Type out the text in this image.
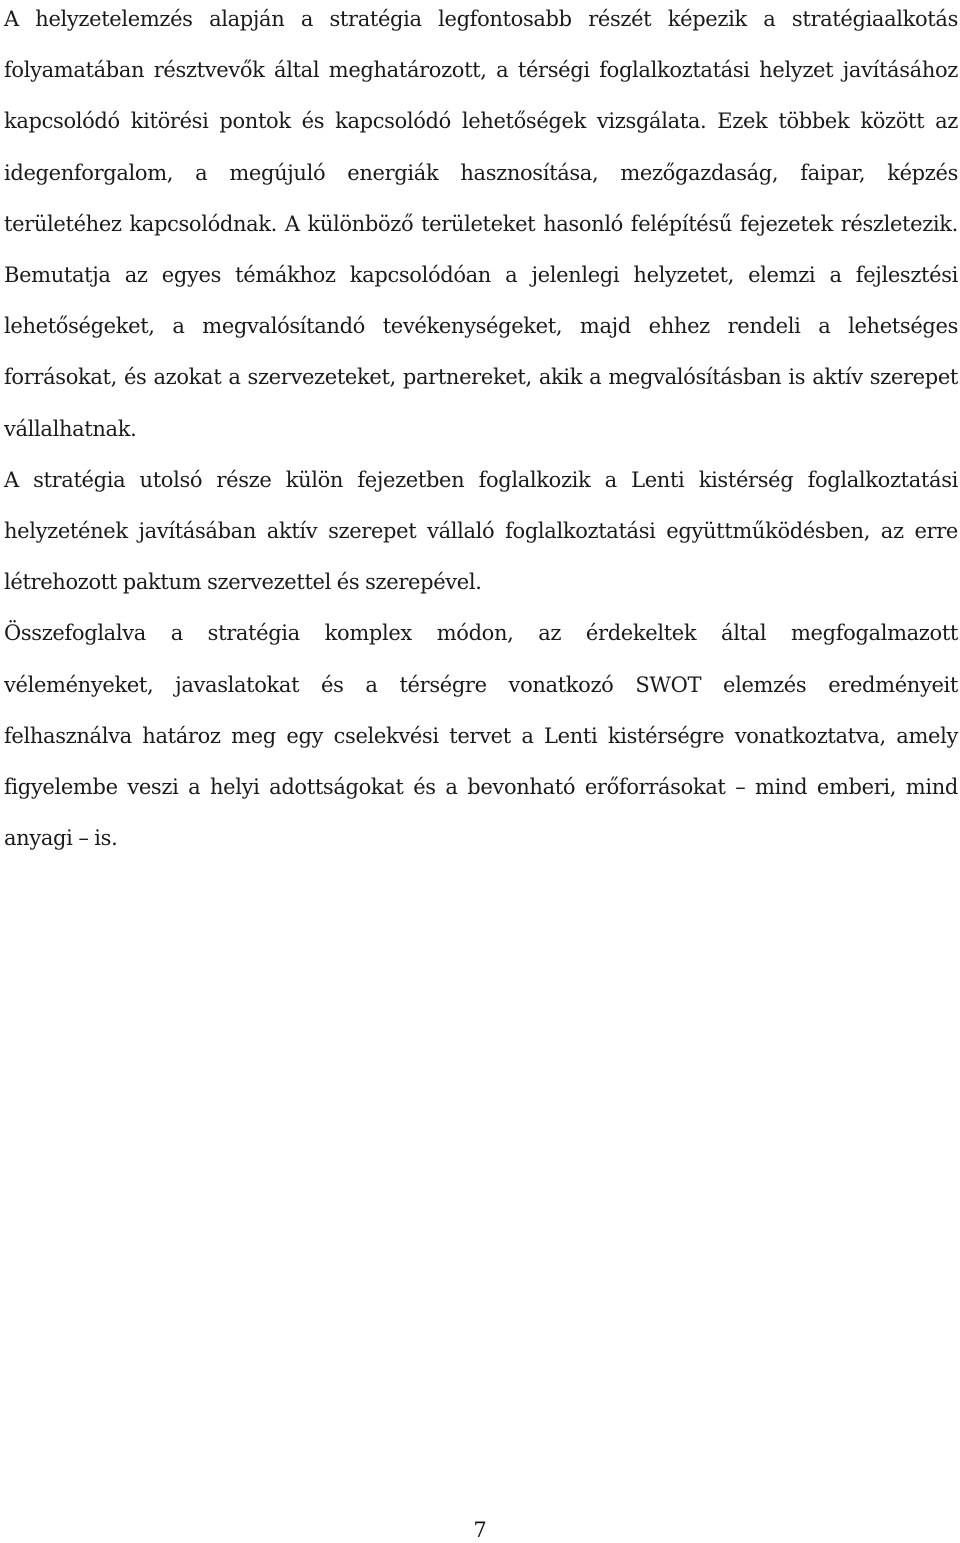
A helyzetelemzés alapján a stratégia legfontosabb részét képezik a stratégiaalkotás folyamatában résztvevők által meghatározott, a térségi foglalkoztatási helyzet javításához kapcsolódó kitörési pontok és kapcsolódó lehetőségek vizsgálata. Ezek többek között az idegenforgalom, a megújuló energiák hasznosítása, mezőgazdaság, faipar, képzés területéhez kapcsolódnak. A különböző területeket hasonló felépítésű fejezetek részletezik. Bemutatja az egyes témákhoz kapcsolódóan a jelenlegi helyzetet, elemzi a fejlesztési lehetőségeket, a megvalósítandó tevékenységeket, majd ehhez rendeli a lehetséges forrásokat, és azokat a szervezeteket, partnereket, akik a megvalósításban is aktív szerepet vállalhatnak.

A stratégia utolsó része külön fejezetben foglalkozik a Lenti kistérség foglalkoztatási helyzetének javításában aktív szerepet vállaló foglalkoztatási együttműködésben, az erre létrehozott paktum szervezettel és szerepével.

Összefoglalva a stratégia komplex módon, az érdekeltek által megfogalmazott véleményeket, javaslatokat és a térségre vonatkozó SWOT elemzés eredményeit felhasználva határoz meg egy cselekvési tervet a Lenti kistérségre vonatkoztatva, amely figyelembe veszi a helyi adottságokat és a bevonható erőforrásokat – mind emberi, mind anyagi – is.

7
